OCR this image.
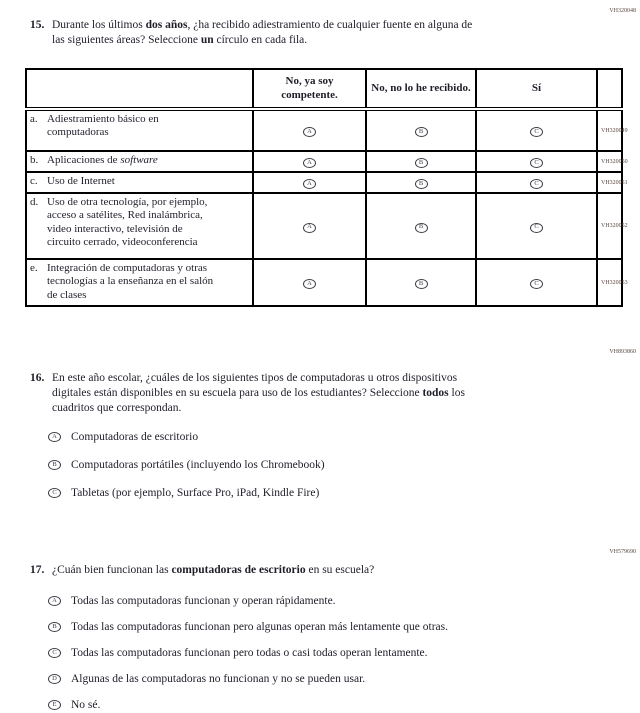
VH320048
15. Durante los últimos dos años, ¿ha recibido adiestramiento de cualquier fuente en alguna de las siguientes áreas? Seleccione un círculo en cada fila.
	No, ya soy competente.	No, no lo he recibido.	Sí	

a. Adiestramiento básico en computadoras	A	B	C	VH320049

b. Aplicaciones de software	A	B	C	VH320050

c. Uso de Internet	A	B	C	VH320051

d. Uso de otra tecnología, por ejemplo, acceso a satélites, Red inalámbrica, video interactivo, televisión de circuito cerrado, videoconferencia	A	B	C	VH320052

e. Integración de computadoras y otras tecnologías a la enseñanza en el salón de clases	A	B	C	VH320053
VH893860
16. En este año escolar, ¿cuáles de los siguientes tipos de computadoras u otros dispositivos digitales están disponibles en su escuela para uso de los estudiantes? Seleccione todos los cuadritos que correspondan.
A	Computadoras de escritorio
B	Computadoras portátiles (incluyendo los Chromebook)
C	Tabletas (por ejemplo, Surface Pro, iPad, Kindle Fire)
VH579690
17. ¿Cuán bien funcionan las computadoras de escritorio en su escuela?
A	Todas las computadoras funcionan y operan rápidamente.
B	Todas las computadoras funcionan pero algunas operan más lentamente que otras.
C	Todas las computadoras funcionan pero todas o casi todas operan lentamente.
D	Algunas de las computadoras no funcionan y no se pueden usar.
E	No sé.
